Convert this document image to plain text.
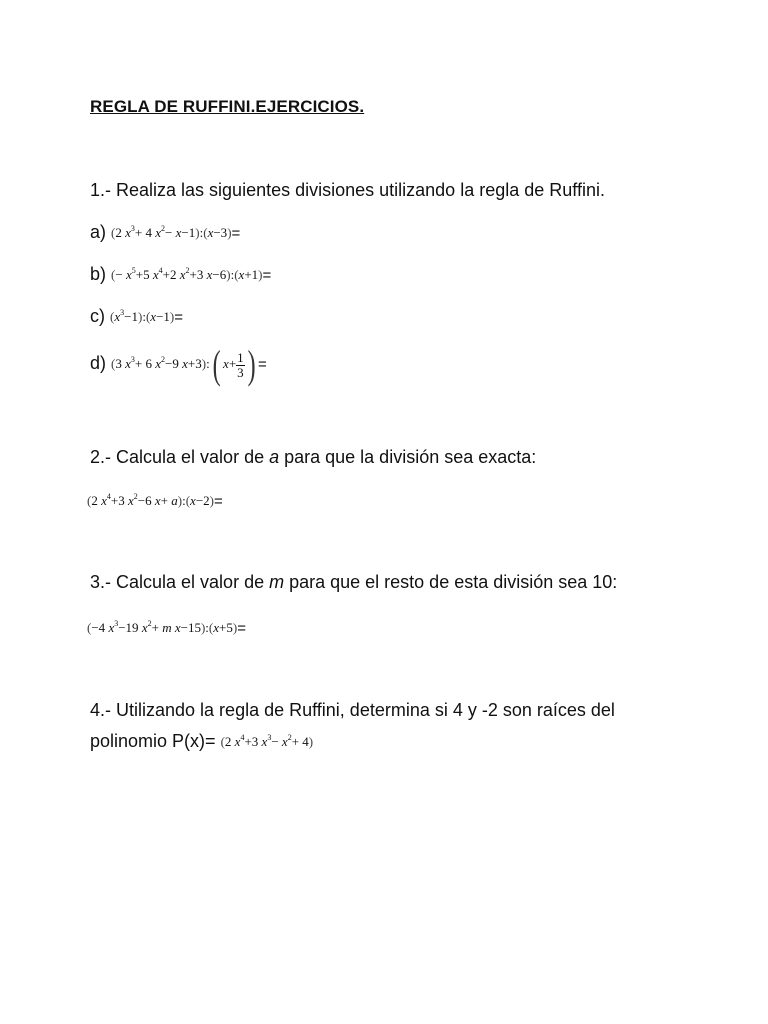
REGLA DE RUFFINI.EJERCICIOS.
1.- Realiza las siguientes divisiones utilizando la regla de Ruffini.
a) (2 $x^3+ 4$ $x^2-$ x−1):(x−3)=
b) (− $x^5+5$ $x^4+2$ $x^2+3$ x−6):(x+1)=
c) $(x^3-1):(x-1)=$
d) (3 $x^3+ 6$ $x^2-9$ x+3):( $x+ \frac{1}{3}$ ) =
2.- Calcula el valor de a para que la división sea exacta:
(2 $x^4+3$ $x^2-6$ x+ a):(x−2)=
3.- Calcula el valor de m para que el resto de esta división sea 10:
(−4 $x^3-19$ $x^2+ m$ x−15):(x+5)=
4.- Utilizando la regla de Ruffini, determina si 4 y -2 son raíces del
polinomio P(x)= (2 $x^4+3$ $x^3- x^2+ 4$)
